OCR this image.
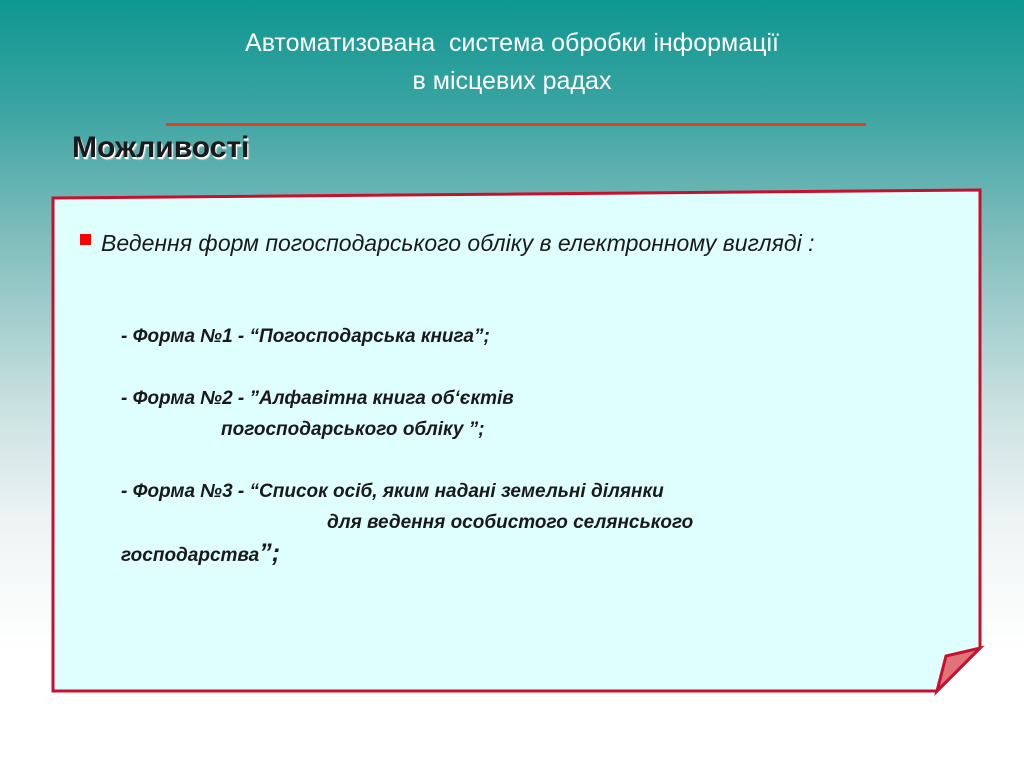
Автоматизована  система обробки інформації
в місцевих радах
Можливості
Ведення форм погосподарського обліку в електронному вигляді :
- Форма №1 - “Погосподарська книга”;
- Форма №2 - ”Алфавітна книга об‘єктів
погосподарського обліку ”;
- Форма №3 - “Список осіб, яким надані земельні ділянки
для ведення особистого селянського
господарства”;
